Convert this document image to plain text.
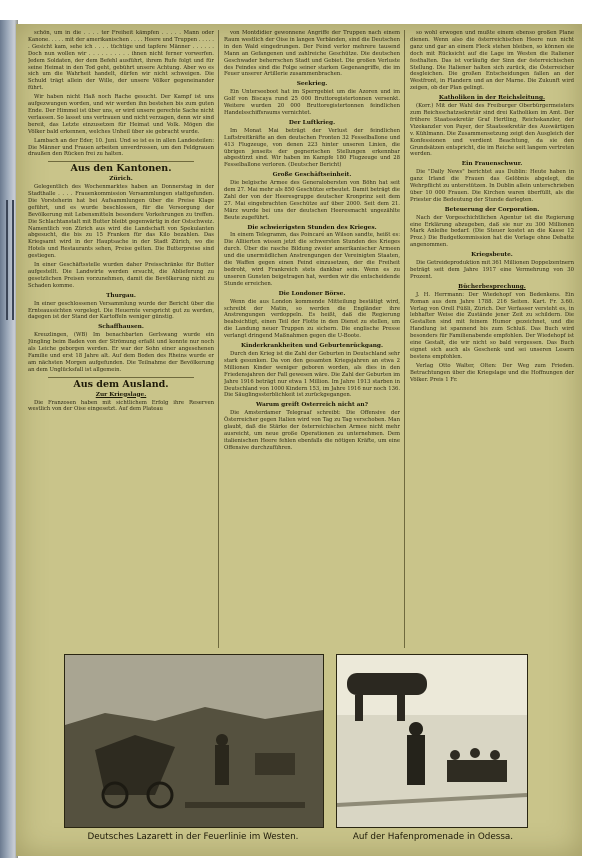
schön, um in die . . . . ter Freiheit kämpfen . . . . . Mann oder Kanone. . . . . mit der amerikanischen . . . . Heere und Truppen . . . . . . Gesicht kam, sehe ich . . . . tüchtige und tapfere Männer . . . . . . Doch nun wollen wir . . . . . . . . . . ihnen nicht ferner vorwerfen. Jedem Soldaten, der dem Befehl ausführt, ihrem Rufe folgt und für seine Heimat in den Tod geht, gebührt unsere Achtung. Aber wo es sich um die Wahrheit handelt, dürfen wir nicht schweigen. Die Schuld trägt allein der Wille, der unsere Völker gegeneinander führt.

Wir haben nicht Haß noch Rache gesucht. Der Kampf ist uns aufgezwungen worden, und wir werden ihn bestehen bis zum guten Ende. Der Himmel ist über uns, er wird unsere gerechte Sache nicht verlassen. So lasset uns vertrauen und nicht verzagen, denn wir sind bereit, das Letzte einzusetzen für Heimat und Volk. Mögen die Völker bald erkennen, welches Unheil über sie gebracht wurde.

Lambach an der Eder, 10. Juni. Und so ist es in allen Landesteilen: Die Männer und Frauen arbeiten unverdrossen, um den Feldgrauen draußen den Rücken frei zu halten.

Aus den Kantonen.
Zürich.

Gelegentlich des Wochenmarktes haben an Donnerstag in der Stadthalle . . . . Frauenkommission Versammlungen stattgefunden. Die Vorsteherin hat bei Aufsammlungen über die Preise Klage geführt, und es wurde beschlossen, für die Versorgung der Bevölkerung mit Lebensmitteln besondere Vorkehrungen zu treffen. Die Schlachtanstalt mit Butter bleibt gegenwärtig in der Ostschweiz. Namentlich von Zürich aus wird die Landschaft von Spekulanten abgesucht, die bis zu 15 Franken für das Kilo bezahlen. Das Kriegsamt wird in der Hauptsache in der Stadt Zürich, wo die Hotels und Restaurants sehen, Preise gelten. Die Butterpreise sind gestiegen.

In einer Geschäftsstelle wurden daher Preisschränke für Butter aufgestellt. Die Landwirte werden ersucht, die Ablieferung zu gesetzlichen Preisen vorzunehmen, damit die Bevölkerung nicht zu Schaden komme.

Thurgau.

In einer geschlossenen Versammlung wurde der Bericht über die Ernteaussichten vorgelegt. Die Heuernte verspricht gut zu werden, dagegen ist der Stand der Kartoffeln weniger günstig.

Schaffhausen.

Kreuzlingen, (WB) Im benachbarten Gerlswang wurde ein Jüngling beim Baden von der Strömung erfaßt und konnte nur noch als Leiche geborgen werden. Er war der Sohn einer angesehenen Familie und erst 18 Jahre alt. Auf dem Boden des Rheins wurde er am nächsten Morgen aufgefunden. Die Teilnahme der Bevölkerung an dem Unglücksfall ist allgemein.

Aus dem Ausland.
Zur Kriegslage.

Die Franzosen haben mit sichtlichem Erfolg ihre Reserven westlich von der Oise eingesetzt. Auf dem Plateau

von Montdidier gewonnene Angriffe der Truppen nach einem Raum westlich der Oise in langen Verbänden, sind die Deutschen in den Wald eingedrungen. Der Feind verlor mehrere tausend Mann an Gefangenen und zahlreiche Geschütze. Die deutschen Geschwader beherrschen Stadt und Gebiet. Die großen Verluste des Feindes sind die Folge seiner starken Gegenangriffe, die im Feuer unserer Artillerie zusammenbrachen.

Seekrieg.

Ein Unterseeboot hat im Sperrgebiet um die Azoren und im Golf von Biscaya rund 25 000 Bruttoregistertonnen versenkt. Weitere wurden 20 000 Bruttoregistertonnen feindlichen Handelsschiffsraums vernichtet.

Der Luftkrieg.

Im Monat Mai beträgt der Verlust der feindlichen Luftstreitkräfte an den deutschen Fronten 32 Fesselballone und 413 Flugzeuge, von denen 223 hinter unseren Linien, die übrigen jenseits der gegnerischen Stellungen erkennbar abgestürzt sind. Wir haben im Kampfe 180 Flugzeuge und 28 Fesselballone verloren. (Deutscher Bericht)

Große Geschäftseinheit.

Die belgische Armee des Generalobersten von Böhn hat seit dem 27. Mai mehr als 850 Geschütze erbeutet. Damit beträgt die Zahl der von der Heeresgruppe deutscher Kronprinz seit dem 27. Mai eingebrachten Geschütze auf über 2000. Seit dem 21. März wurde bei uns der deutschen Heeresmacht ungezählte Beute zugeführt.

Die schwierigsten Stunden des Krieges.

In einem Telegramm, das Poincaré an Wilson sandte, heißt es: Die Alliierten wissen jetzt die schwersten Stunden des Krieges durch. Über die rasche Bildung zweier amerikanischer Armeen und die unermüdlichen Anstrengungen der Vereinigten Staaten, die Waffen gegen einen Feind einzusetzen, der die Freiheit bedroht, wird Frankreich stets dankbar sein. Wenn es zu unseren Gunsten beigetragen hat, werden wir die entscheidende Stunde erreichen.

Die Londoner Börse.

Wenn die aus London kommende Mitteilung bestätigt wird, schreibt der Matin, so werden die Engländer ihre Anstrengungen verdoppeln. Es heißt, daß die Regierung beabsichtigt, einen Teil der Flotte in den Dienst zu stellen, um die Landung neuer Truppen zu sichern. Die englische Presse verlangt dringend Maßnahmen gegen die U-Boote.

Kinderkrankheiten und Geburtenrückgang.

Durch den Krieg ist die Zahl der Geburten in Deutschland sehr stark gesunken. Da von den gesamten Kriegsjahren an etwa 2 Millionen Kinder weniger geboren worden, als dies in den Friedensjahren der Fall gewesen wäre. Die Zahl der Geburten im Jahre 1916 beträgt nur etwa 1 Million. Im Jahre 1913 starben in Deutschland von 1000 Kindern 153, im Jahre 1916 nur noch 136. Die Säuglingssterblichkeit ist zurückgegangen.

Warum greift Osterreich nicht an?

Die Amsterdamer Telegraaf schreibt: Die Offensive der Österreicher gegen Italien wird von Tag zu Tag verschoben. Man glaubt, daß die Stärke der österreichischen Armee nicht mehr ausreicht, um neue große Operationen zu unternehmen. Dem italienischen Heere fehlen ebenfalls die nötigen Kräfte, um eine Offensive durchzuführen.

so wohl erwogen und mußte einem ebenso großen Plane dienen. Wenn also die österreichischen Heere nun nicht ganz und gar an einem Fleck stehen bleiben, so können sie doch mit Rücksicht auf die Lage im Westen die Italiener festhalten. Das ist vorläufig der Sinn der österreichischen Stellung. Die Italiener halten sich zurück, die Österreicher desgleichen. Die großen Entscheidungen fallen an der Westfront, in Flandern und an der Marne. Die Zukunft wird zeigen, ob der Plan gelingt.

Katholiken in der Reichsleitung.

(Korr.) Mit der Wahl des Freiburger Oberbürgermeisters zum Reichsschatzsekretär sind drei Katholiken im Amt. Der frühere Staatssekretär Graf Hertling, Reichskanzler, der Vizekanzler von Payer, der Staatssekretär des Auswärtigen v. Kühlmann. Die Zusammensetzung zeigt den Ausgleich der Konfessionen und verdient Beachtung, da sie den Grundsätzen entspricht, die im Reiche seit langem vertreten werden.

Ein Frauenschwur.

Die "Daily News" berichtet aus Dublin: Heute haben in ganz Irland die Frauen das Gelöbnis abgelegt, die Wehrpflicht zu unterstützen. In Dublin allein unterschrieben über 10 000 Frauen. Die Kirchen waren überfüllt, als die Priester die Bedeutung der Stunde darlegten.

Beteuerung der Corporation.

Nach der Vorgeschichtlichen Agentur ist die Regierung eine Erklärung abzugeben, daß sie nur zu 300 Millionen Mark Anleihe bedarf. (Die Steuer kostet an die Kasse 12 Proz.) Die Budgetkommission hat die Vorlage ohne Debatte angenommen.

Kriegsbeute.

Die Getreideproduktion mit 361 Millionen Doppelzentnern beträgt seit dem Jahre 1917 eine Vermehrung von 30 Prozent.

Bücherbesprechung.

J. H. Herrmann: Der Wiedehopf von Bedenkens. Ein Roman aus dem Jahre 1788. 216 Seiten. Kart. Fr. 3.60. Verlag von Orell Füßli, Zürich. Der Verfasser versteht es, in lebhafter Weise die Zustände jener Zeit zu schildern. Die Gestalten sind mit feinem Humor gezeichnet, und die Handlung ist spannend bis zum Schluß. Das Buch wird besonders für Familienabende empfohlen. Der Wiedehopf ist eine Gestalt, die wir nicht so bald vergessen. Das Buch eignet sich auch als Geschenk und sei unseren Lesern bestens empfohlen.

Verlag Otto Walter, Olten: Der Weg zum Frieden. Betrachtungen über die Kriegslage und die Hoffnungen der Völker. Preis 1 Fr.

Deutsches Lazarett in der Feuerlinie im Westen.	Auf der Hafenpromenade in Odessa.
